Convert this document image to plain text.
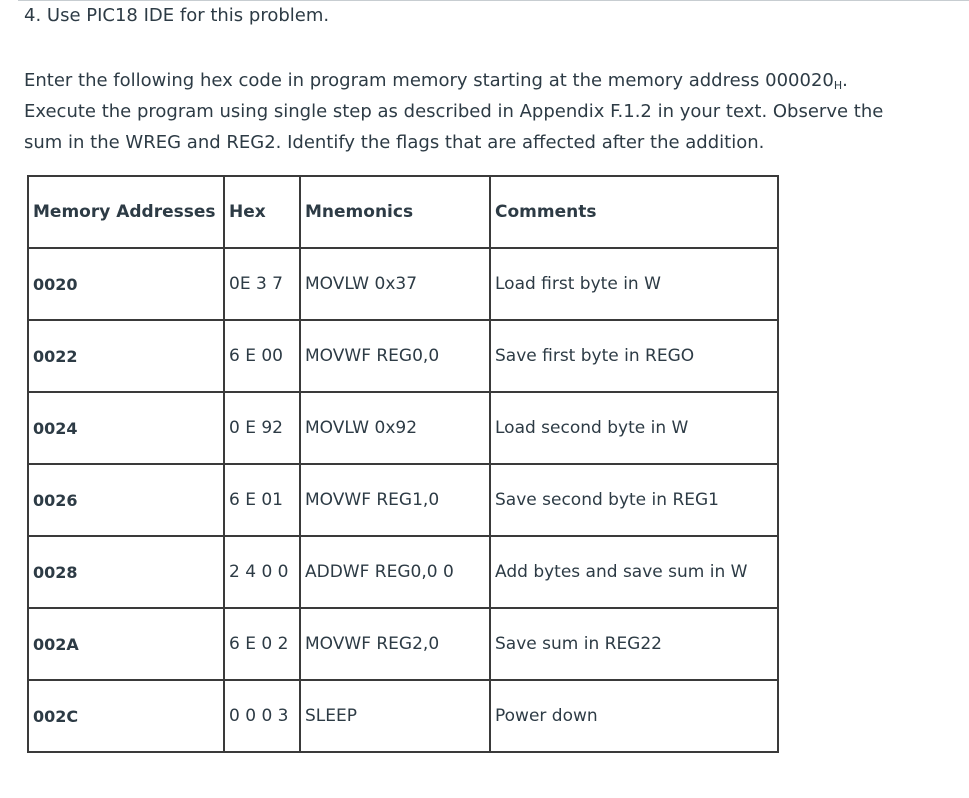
4. Use PIC18 IDE for this problem.

Enter the following hex code in program memory starting at the memory address $000020_H$.

Execute the program using single step as described in Appendix F.1.2 in your text. Observe the

sum in the WREG and REG2. Identify the flags that are affected after the addition.

Memory Addresses	Hex	Mnemonics	Comments
0020	0E 3 7	MOVLW 0x37	Load first byte in W
0022	6 E 00	MOVWF REG0,0	Save first byte in REGO
0024	0 E 92	MOVLW 0x92	Load second byte in W
0026	6 E 01	MOVWF REG1,0	Save second byte in REG1
0028	2 4 0 0	ADDWF REG0,0 0	Add bytes and save sum in W
002A	6 E 0 2	MOVWF REG2,0	Save sum in REG22
002C	0 0 0 3	SLEEP	Power down
